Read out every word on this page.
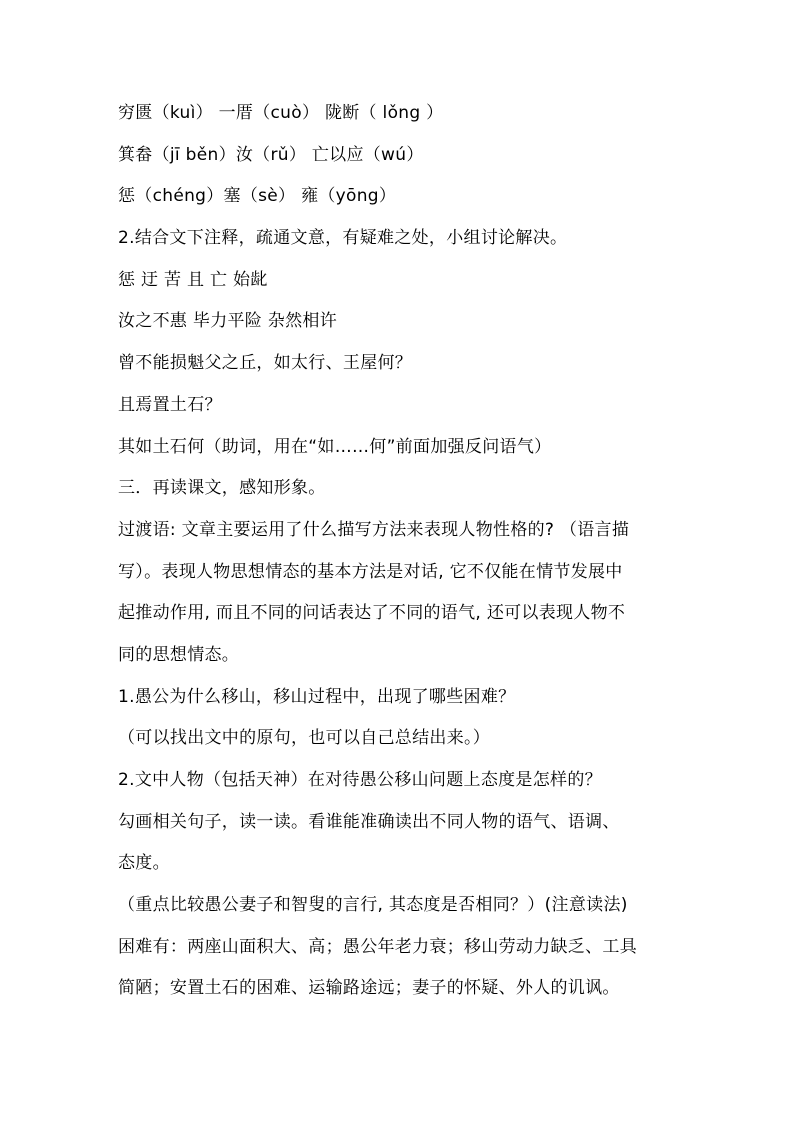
穷匮（kuì） 一厝（cuò） 陇断（ lǒng ）
箕畚（jī běn）汝（rǔ） 亡以应（wú）
惩（chéng）塞（sè） 雍（yōng）
2.结合文下注释，疏通文意，有疑难之处，小组讨论解决。
惩 迂 苦 且 亡 始龀
汝之不惠 毕力平险 杂然相许
曾不能损魁父之丘，如太行、王屋何？
且焉置土石？
其如土石何（助词，用在“如……何”前面加强反问语气）
三．再读课文，感知形象。
过渡语: 文章主要运用了什么描写方法来表现人物性格的? （语言描
写）。表现人物思想情态的基本方法是对话, 它不仅能在情节发展中
起推动作用, 而且不同的问话表达了不同的语气, 还可以表现人物不
同的思想情态。
1.愚公为什么移山，移山过程中，出现了哪些困难？
（可以找出文中的原句，也可以自己总结出来。）
2.文中人物（包括天神）在对待愚公移山问题上态度是怎样的？
勾画相关句子，读一读。看谁能准确读出不同人物的语气、语调、
态度。
（重点比较愚公妻子和智叟的言行, 其态度是否相同？）(注意读法)
困难有：两座山面积大、高；愚公年老力衰；移山劳动力缺乏、工具
简陋；安置土石的困难、运输路途远；妻子的怀疑、外人的讥讽。
